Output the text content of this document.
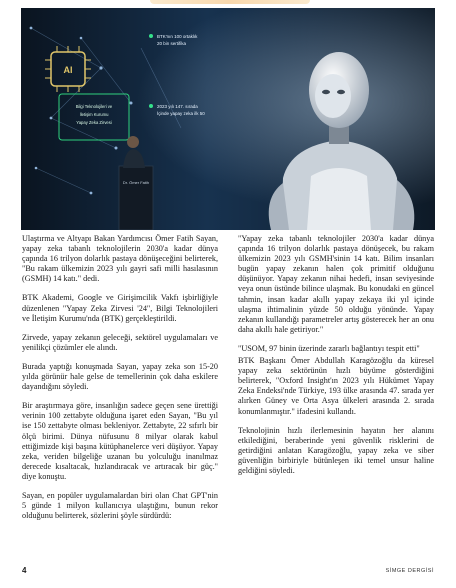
AI
Bilgi Teknolojileri ve
İletişim Kurumu
Yapay Zeka Zirvesi
BTK'nın 100 ortaklık
20 bin sertifika
2023 yılı 147. sırada
İçinde yapay zeka ilk 50
Dr. Ömer Fatih

Ulaştırma ve Altyapı Bakan Yardımcısı Ömer Fatih Sayan, yapay zeka tabanlı teknolojilerin 2030'a kadar dünya çapında 16 trilyon dolarlık pastaya dönüşeceğini belirterek, "Bu rakam ülkemizin 2023 yılı gayri safi milli hasılasının (GSMH) 14 katı." dedi.

BTK Akademi, Google ve Girişimcilik Vakfı işbirliğiyle düzenlenen "Yapay Zeka Zirvesi '24", Bilgi Teknolojileri ve İletişim Kurumu'nda (BTK) gerçekleştirildi.

Zirvede, yapay zekanın geleceği, sektörel uygulamaları ve yenilikçi çözümler ele alındı.

Burada yaptığı konuşmada Sayan, yapay zeka son 15-20 yılda görünür hale gelse de temellerinin çok daha eskilere dayandığını söyledi.

Bir araştırmaya göre, insanlığın sadece geçen sene ürettiği verinin 100 zettabyte olduğuna işaret eden Sayan, "Bu yıl ise 150 zettabyte olması bekleniyor. Zettabyte, 22 sıfırlı bir ölçü birimi. Dünya nüfusunu 8 milyar olarak kabul ettiğimizde kişi başına kütüphanelerce veri düşüyor. Yapay zeka, veriden bilgeliğe uzanan bu yolculuğu inanılmaz derecede kısaltacak, hızlandıracak ve artıracak bir güç." diye konuştu.

Sayan, en popüler uygulamalardan biri olan Chat GPT'nin 5 günde 1 milyon kullanıcıya ulaştığını, bunun rekor olduğunu belirterek, sözlerini şöyle sürdürdü:

"Yapay zeka tabanlı teknolojiler 2030'a kadar dünya çapında 16 trilyon dolarlık pastaya dönüşecek, bu rakam ülkemizin 2023 yılı GSMH'sinin 14 katı. Bilim insanları bugün yapay zekanın halen çok primitif olduğunu düşünüyor. Yapay zekanın nihai hedefi, insan seviyesinde veya onun üstünde bilince ulaşmak. Bu konudaki en güncel tahmin, insan kadar akıllı yapay zekaya iki yıl içinde ulaşma ihtimalinin yüzde 50 olduğu yönünde. Yapay zekanın kullandığı parametreler artış gösterecek her an onu daha akıllı hale getiriyor."

"USOM, 97 binin üzerinde zararlı bağlantıyı tespit etti"

BTK Başkanı Ömer Abdullah Karagözoğlu da küresel yapay zeka sektörünün hızlı büyüme gösterdiğini belirterek, "Oxford Insight'ın 2023 yılı Hükümet Yapay Zeka Endeksi'nde Türkiye, 193 ülke arasında 47. sırada yer alırken Güney ve Orta Asya ülkeleri arasında 2. sırada konumlanmıştır." ifadesini kullandı.

Teknolojinin hızlı ilerlemesinin hayatın her alanını etkilediğini, beraberinde yeni güvenlik risklerini de getirdiğini anlatan Karagözoğlu, yapay zeka ve siber güvenliğin birbiriyle bütünleşen iki temel unsur haline geldiğini söyledi.

4	SİMGE DERGİSİ
